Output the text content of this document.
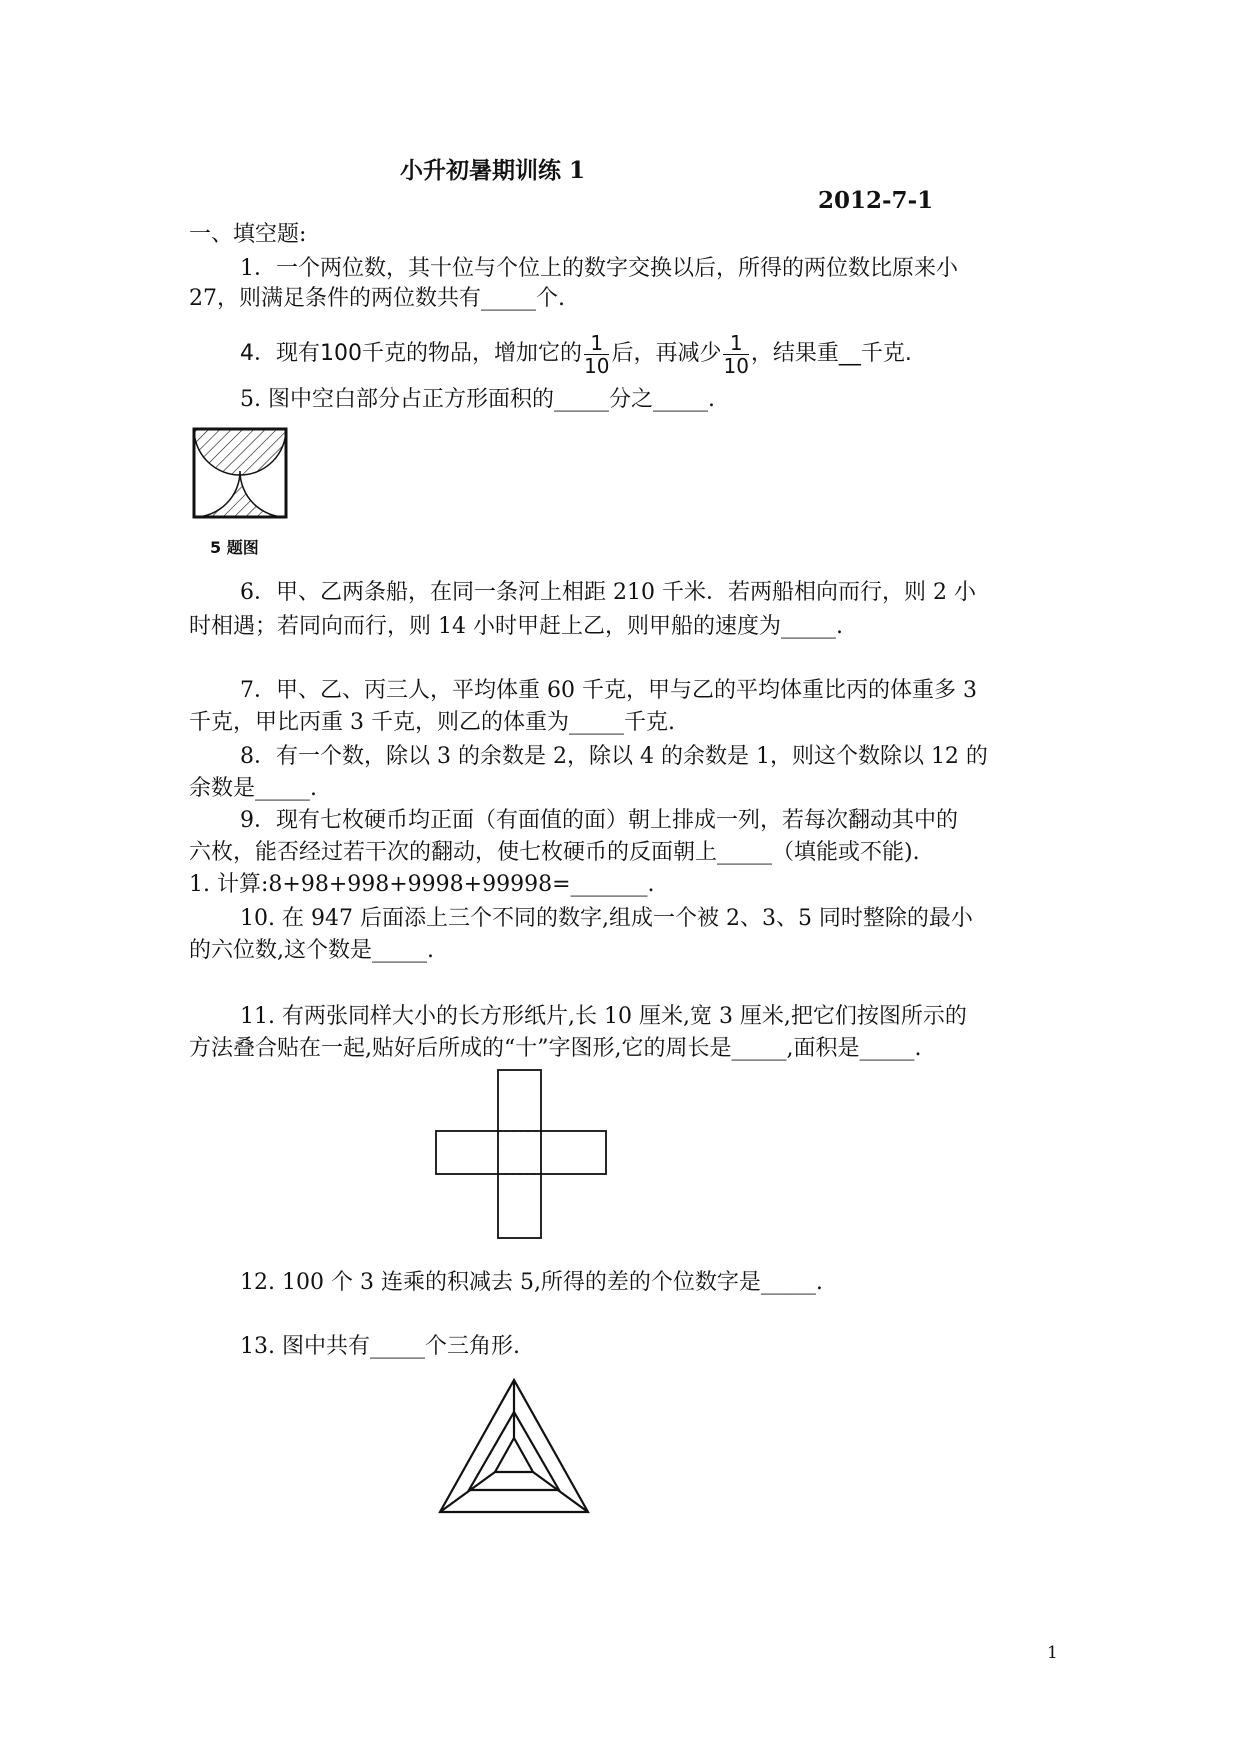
小升初暑期训练 1
2012-7-1
一、填空题:
1．一个两位数，其十位与个位上的数字交换以后，所得的两位数比原来小
27，则满足条件的两位数共有_____个.
4．现有100千克的物品，增加它的 $\frac{1}{10}$ 后，再减少 $\frac{1}{10}$ ，结果重__千克.
5. 图中空白部分占正方形面积的_____分之_____.
5 题图
6．甲、乙两条船，在同一条河上相距 210 千米．若两船相向而行，则 2 小
时相遇；若同向而行，则 14 小时甲赶上乙，则甲船的速度为_____.
7．甲、乙、丙三人，平均体重 60 千克，甲与乙的平均体重比丙的体重多 3
千克，甲比丙重 3 千克，则乙的体重为_____千克.
8．有一个数，除以 3 的余数是 2，除以 4 的余数是 1，则这个数除以 12 的
余数是_____.
9．现有七枚硬币均正面（有面值的面）朝上排成一列，若每次翻动其中的
六枚，能否经过若干次的翻动，使七枚硬币的反面朝上_____（填能或不能).
1. 计算:8+98+998+9998+99998=_______.
10. 在 947 后面添上三个不同的数字,组成一个被 2、3、5 同时整除的最小
的六位数,这个数是_____.
11. 有两张同样大小的长方形纸片,长 10 厘米,宽 3 厘米,把它们按图所示的
方法叠合贴在一起,贴好后所成的“十”字图形,它的周长是_____,面积是_____.
12. 100 个 3 连乘的积减去 5,所得的差的个位数字是_____.
13. 图中共有_____个三角形.
1
